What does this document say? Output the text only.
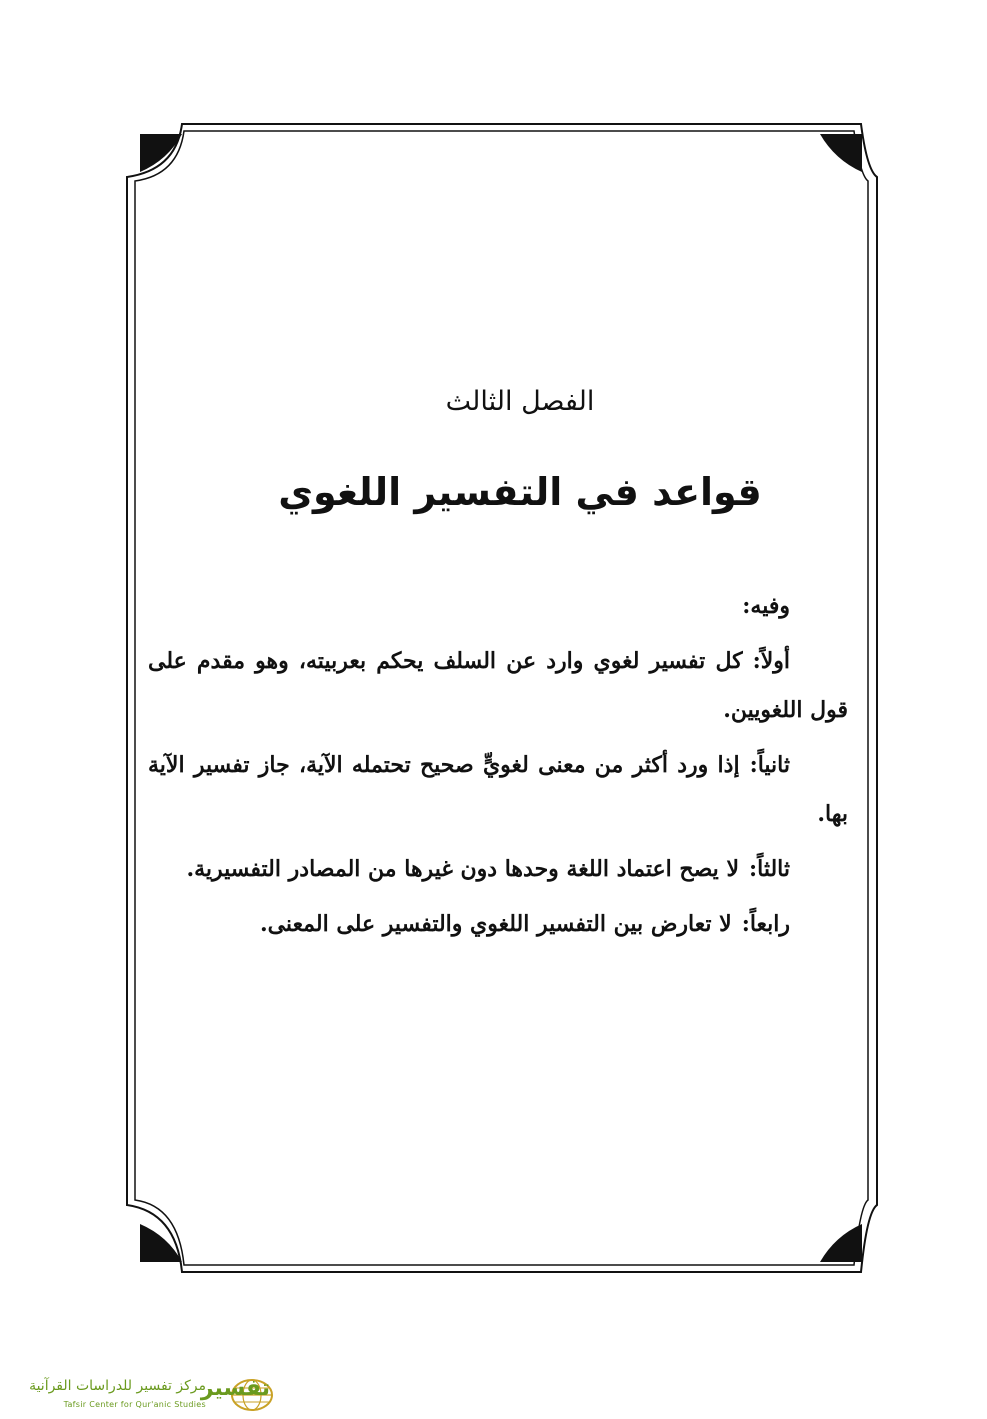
الفصل الثالث
قواعد في التفسير اللغوي

وفيه:

أولاً:كل تفسير لغوي وارد عن السلف يحكم بعربيته، وهو مقدم على قول اللغويين.

ثانياً:إذا ورد أكثر من معنى لغويٍّ صحيح تحتمله الآية، جاز تفسير الآية بها.

ثالثاً:لا يصح اعتماد اللغة وحدها دون غيرها من المصادر التفسيرية.

رابعاً:لا تعارض بين التفسير اللغوي والتفسير على المعنى.

تفسير
مركز تفسير للدراسات القرآنية
Tafsir Center for Qur'anic Studies
